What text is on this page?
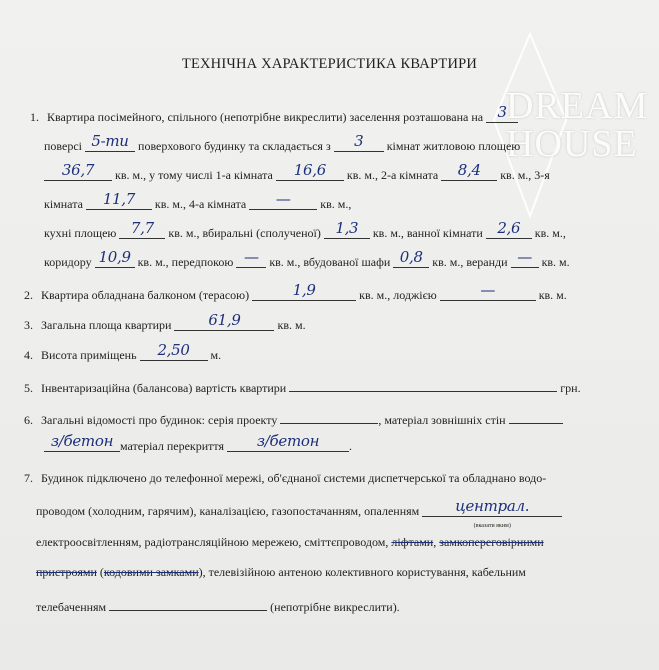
DREAM
HOUSE
ТЕХНІЧНА ХАРАКТЕРИСТИКА КВАРТИРИ
1. Квартира посімейного, спільного (непотрібне викреслити) заселення розташована на 3
поверсі 5-ти поверхового будинку та складається з 3 кімнат житловою площею
36,7 кв. м., у тому числі 1-а кімната 16,6 кв. м., 2-а кімната 8,4 кв. м., 3-я
кімната 11,7 кв. м., 4-а кімната — кв. м.,
кухні площею 7,7 кв. м., вбиральні (сполученої) 1,3 кв. м., ванної кімнати 2,6 кв. м.,
коридору 10,9 кв. м., передпокою — кв. м., вбудованої шафи 0,8 кв. м., веранди — кв. м.
2. Квартира обладнана балконом (терасою)	1,9	кв. м., лоджією	—	кв. м.
3. Загальна площа квартири 61,9	кв. м.
4. Висота приміщень 2,50 м.
5. Інвентаризаційна (балансова) вартість квартири	грн.
6. Загальні відомості про будинок: серія проекту	, матеріал зовнішніх стін
з/бетон матеріал перекриття з/бетон .
7. Будинок підключено до телефонної мережі, об'єднаної системи диспетчерської та обладнано водо-
проводом (холодним, гарячим), каналізацією, газопостачанням, опаленням централ.
(вказати яким)
електроосвітленням, радіотрансляційною мережею, сміттєпроводом, ліфтами, замкопереговірними
пристроями (кодовими замками), телевізійною антеною колективного користування, кабельним
телебаченням	(непотрібне викреслити).
